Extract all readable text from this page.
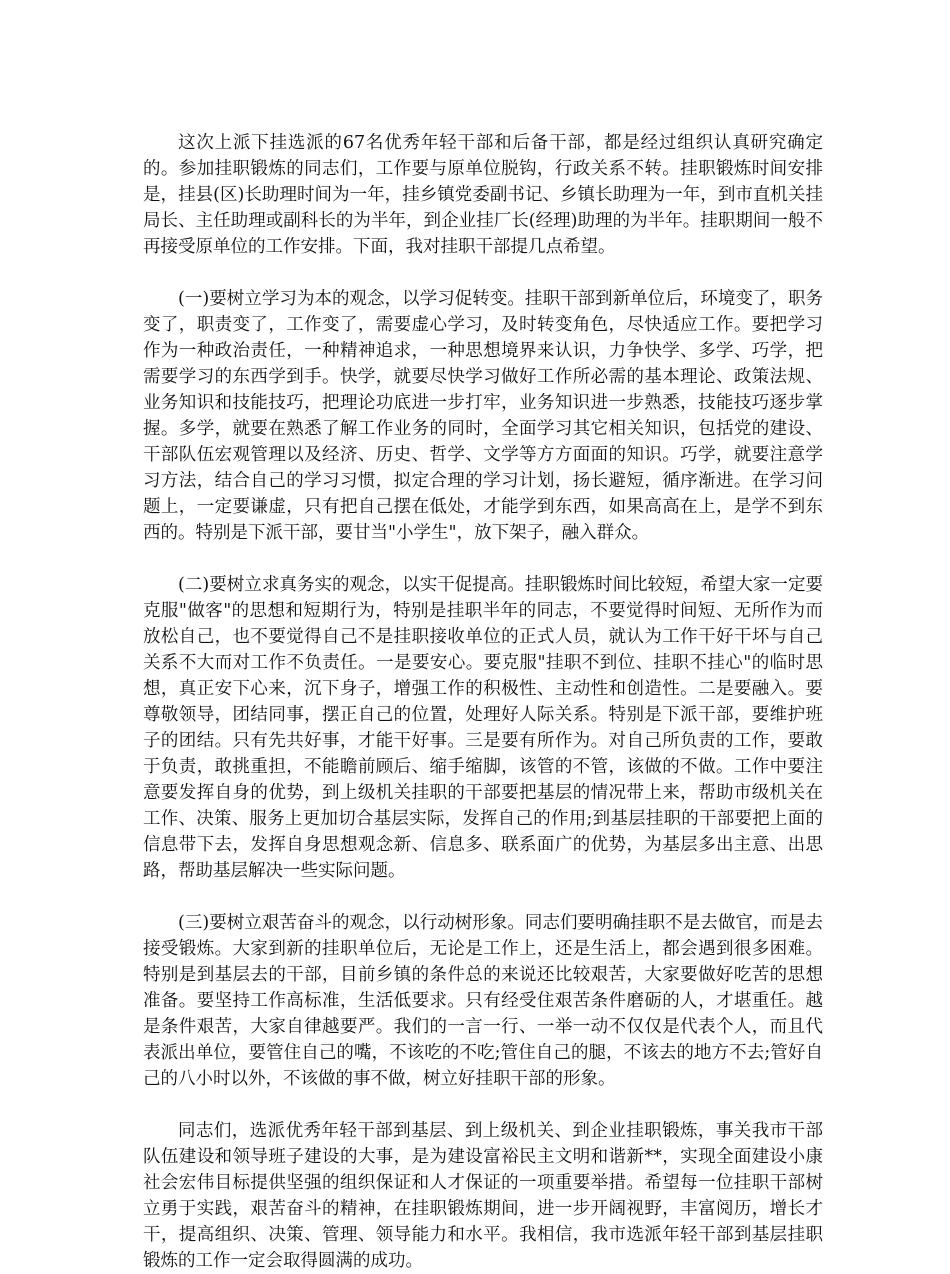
这次上派下挂选派的67名优秀年轻干部和后备干部，都是经过组织认真研究确定的。参加挂职锻炼的同志们，工作要与原单位脱钩，行政关系不转。挂职锻炼时间安排是，挂县(区)长助理时间为一年，挂乡镇党委副书记、乡镇长助理为一年，到市直机关挂局长、主任助理或副科长的为半年，到企业挂厂长(经理)助理的为半年。挂职期间一般不再接受原单位的工作安排。下面，我对挂职干部提几点希望。

(一)要树立学习为本的观念，以学习促转变。挂职干部到新单位后，环境变了，职务变了，职责变了，工作变了，需要虚心学习，及时转变角色，尽快适应工作。要把学习作为一种政治责任，一种精神追求，一种思想境界来认识，力争快学、多学、巧学，把需要学习的东西学到手。快学，就要尽快学习做好工作所必需的基本理论、政策法规、业务知识和技能技巧，把理论功底进一步打牢，业务知识进一步熟悉，技能技巧逐步掌握。多学，就要在熟悉了解工作业务的同时，全面学习其它相关知识，包括党的建设、干部队伍宏观管理以及经济、历史、哲学、文学等方方面面的知识。巧学，就要注意学习方法，结合自己的学习习惯，拟定合理的学习计划，扬长避短，循序渐进。在学习问题上，一定要谦虚，只有把自己摆在低处，才能学到东西，如果高高在上，是学不到东西的。特别是下派干部，要甘当"小学生"，放下架子，融入群众。

(二)要树立求真务实的观念，以实干促提高。挂职锻炼时间比较短，希望大家一定要克服"做客"的思想和短期行为，特别是挂职半年的同志，不要觉得时间短、无所作为而放松自己，也不要觉得自己不是挂职接收单位的正式人员，就认为工作干好干坏与自己关系不大而对工作不负责任。一是要安心。要克服"挂职不到位、挂职不挂心"的临时思想，真正安下心来，沉下身子，增强工作的积极性、主动性和创造性。二是要融入。要尊敬领导，团结同事，摆正自己的位置，处理好人际关系。特别是下派干部，要维护班子的团结。只有先共好事，才能干好事。三是要有所作为。对自己所负责的工作，要敢于负责，敢挑重担，不能瞻前顾后、缩手缩脚，该管的不管，该做的不做。工作中要注意要发挥自身的优势，到上级机关挂职的干部要把基层的情况带上来，帮助市级机关在工作、决策、服务上更加切合基层实际，发挥自己的作用;到基层挂职的干部要把上面的信息带下去，发挥自身思想观念新、信息多、联系面广的优势，为基层多出主意、出思路，帮助基层解决一些实际问题。

(三)要树立艰苦奋斗的观念，以行动树形象。同志们要明确挂职不是去做官，而是去接受锻炼。大家到新的挂职单位后，无论是工作上，还是生活上，都会遇到很多困难。特别是到基层去的干部，目前乡镇的条件总的来说还比较艰苦，大家要做好吃苦的思想准备。要坚持工作高标准，生活低要求。只有经受住艰苦条件磨砺的人，才堪重任。越是条件艰苦，大家自律越要严。我们的一言一行、一举一动不仅仅是代表个人，而且代表派出单位，要管住自己的嘴，不该吃的不吃;管住自己的腿，不该去的地方不去;管好自己的八小时以外，不该做的事不做，树立好挂职干部的形象。

同志们，选派优秀年轻干部到基层、到上级机关、到企业挂职锻炼，事关我市干部队伍建设和领导班子建设的大事，是为建设富裕民主文明和谐新**，实现全面建设小康社会宏伟目标提供坚强的组织保证和人才保证的一项重要举措。希望每一位挂职干部树立勇于实践，艰苦奋斗的精神，在挂职锻炼期间，进一步开阔视野，丰富阅历，增长才干，提高组织、决策、管理、领导能力和水平。我相信，我市选派年轻干部到基层挂职锻炼的工作一定会取得圆满的成功。
